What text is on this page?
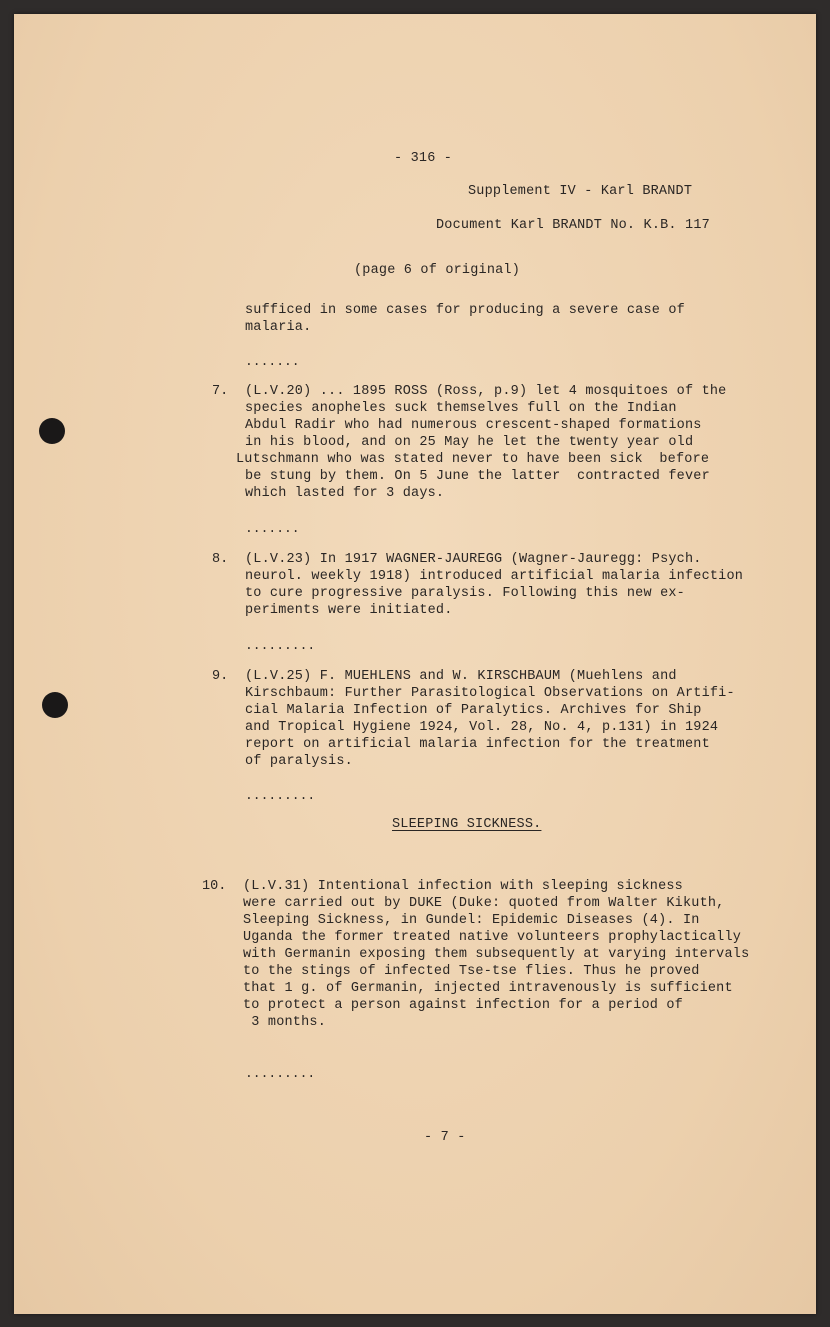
- 316 -
Supplement IV - Karl BRANDT
Document Karl BRANDT No. K.B. 117
(page 6 of original)
sufficed in some cases for producing a severe case of
malaria.
.......
7. (L.V.20) ... 1895 ROSS (Ross, p.9) let 4 mosquitoes of the
species anopheles suck themselves full on the Indian
Abdul Radir who had numerous crescent-shaped formations
in his blood, and on 25 May he let the twenty year old
Lutschmann who was stated never to have been sick  before
be stung by them. On 5 June the latter  contracted fever
which lasted for 3 days.
.......
8. (L.V.23) In 1917 WAGNER-JAUREGG (Wagner-Jauregg: Psych.
neurol. weekly 1918) introduced artificial malaria infection
to cure progressive paralysis. Following this new ex-
periments were initiated.
.........
9. (L.V.25) F. MUEHLENS and W. KIRSCHBAUM (Muehlens and
Kirschbaum: Further Parasitological Observations on Artifi-
cial Malaria Infection of Paralytics. Archives for Ship
and Tropical Hygiene 1924, Vol. 28, No. 4, p.131) in 1924
report on artificial malaria infection for the treatment
of paralysis.
.........
SLEEPING SICKNESS.
10. (L.V.31) Intentional infection with sleeping sickness
were carried out by DUKE (Duke: quoted from Walter Kikuth,
Sleeping Sickness, in Gundel: Epidemic Diseases (4). In
Uganda the former treated native volunteers prophylactically
with Germanin exposing them subsequently at varying intervals
to the stings of infected Tse-tse flies. Thus he proved
that 1 g. of Germanin, injected intravenously is sufficient
to protect a person against infection for a period of
3 months.
.........
- 7 -
